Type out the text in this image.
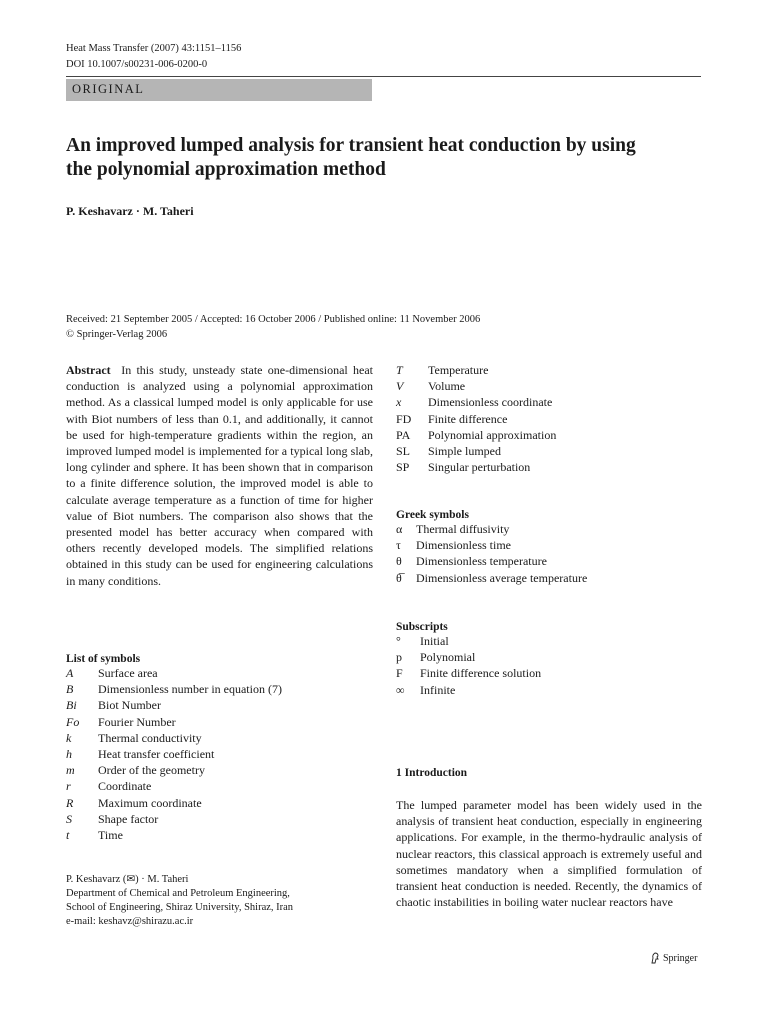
Heat Mass Transfer (2007) 43:1151–1156
DOI 10.1007/s00231-006-0200-0
ORIGINAL
An improved lumped analysis for transient heat conduction by using the polynomial approximation method
P. Keshavarz · M. Taheri
Received: 21 September 2005 / Accepted: 16 October 2006 / Published online: 11 November 2006
© Springer-Verlag 2006
Abstract In this study, unsteady state one-dimensional heat conduction is analyzed using a polynomial approximation method. As a classical lumped model is only applicable for use with Biot numbers of less than 0.1, and additionally, it cannot be used for high-temperature gradients within the region, an improved lumped model is implemented for a typical long slab, long cylinder and sphere. It has been shown that in comparison to a finite difference solution, the improved model is able to calculate average temperature as a function of time for higher value of Biot numbers. The comparison also shows that the presented model has better accuracy when compared with others recently developed models. The simplified relations obtained in this study can be used for engineering calculations in many conditions.
List of symbols
A	Surface area
B	Dimensionless number in equation (7)
Bi	Biot Number
Fo	Fourier Number
k	Thermal conductivity
h	Heat transfer coefficient
m	Order of the geometry
r	Coordinate
R	Maximum coordinate
S	Shape factor
t	Time
T	Temperature
V	Volume
x	Dimensionless coordinate
FD	Finite difference
PA	Polynomial approximation
SL	Simple lumped
SP	Singular perturbation
Greek symbols
α	Thermal diffusivity
τ	Dimensionless time
θ	Dimensionless temperature
θ̅	Dimensionless average temperature
Subscripts
°	Initial
p	Polynomial
F	Finite difference solution
∞	Infinite
P. Keshavarz (✉) · M. Taheri
Department of Chemical and Petroleum Engineering,
School of Engineering, Shiraz University, Shiraz, Iran
e-mail: keshavz@shirazu.ac.ir
1 Introduction
The lumped parameter model has been widely used in the analysis of transient heat conduction, especially in engineering applications. For example, in the thermo-hydraulic analysis of nuclear reactors, this classical approach is extremely useful and sometimes mandatory when a simplified formulation of transient heat conduction is needed. Recently, the dynamics of chaotic instabilities in boiling water nuclear reactors have
Springer
